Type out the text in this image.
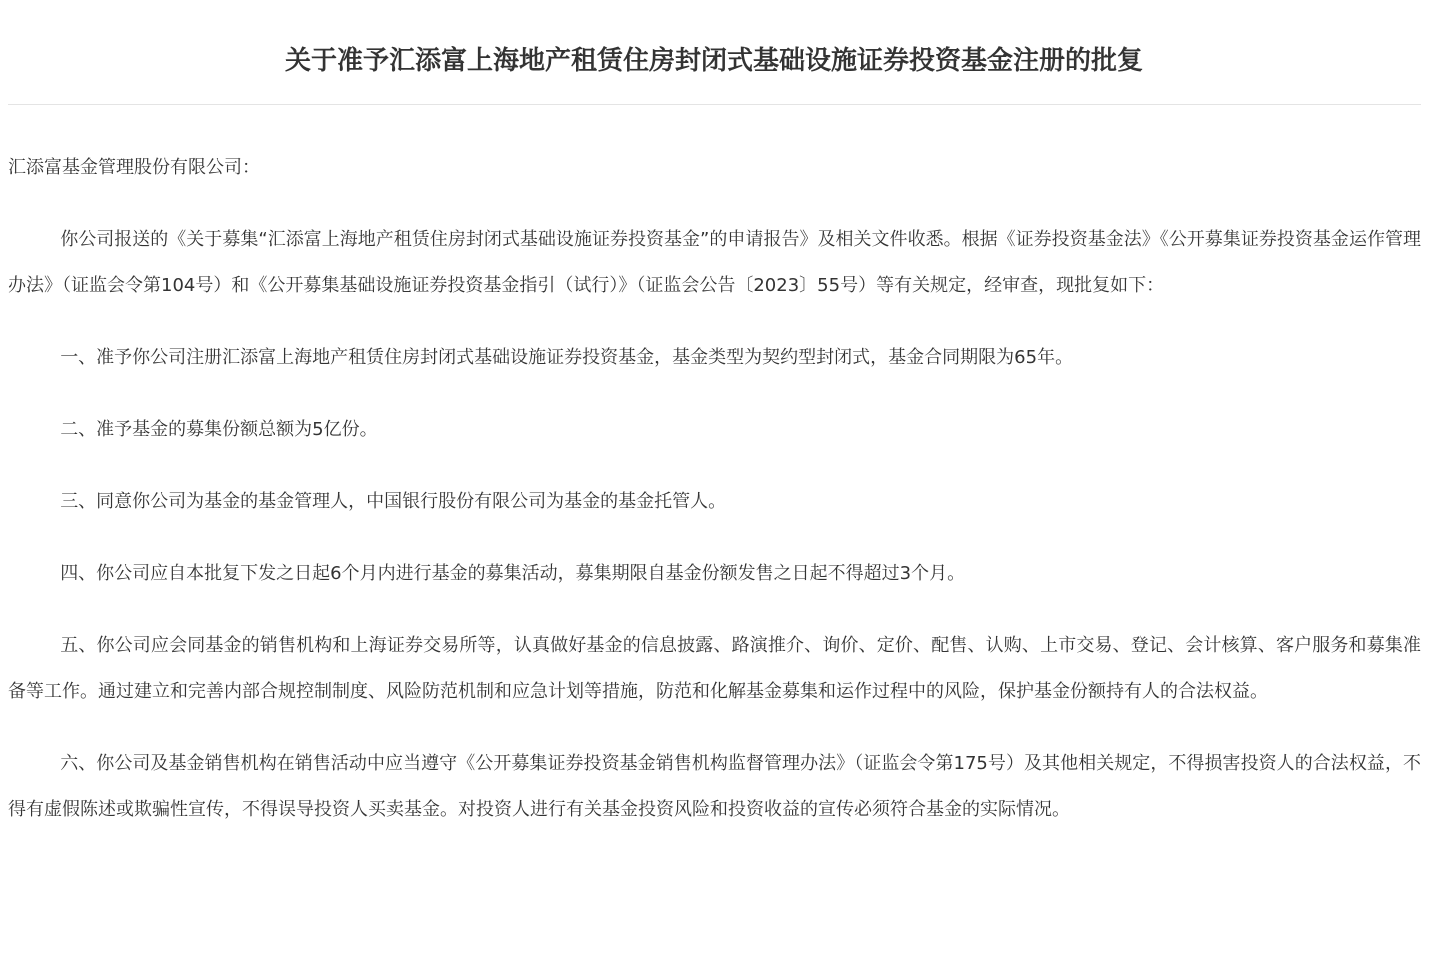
关于准予汇添富上海地产租赁住房封闭式基础设施证券投资基金注册的批复

汇添富基金管理股份有限公司：

你公司报送的《关于募集“汇添富上海地产租赁住房封闭式基础设施证券投资基金”的申请报告》及相关文件收悉。根据《证券投资基金法》《公开募集证券投资基金运作管理办法》（证监会令第104号）和《公开募集基础设施证券投资基金指引（试行）》（证监会公告〔2023〕55号）等有关规定，经审查，现批复如下：

一、准予你公司注册汇添富上海地产租赁住房封闭式基础设施证券投资基金，基金类型为契约型封闭式，基金合同期限为65年。

二、准予基金的募集份额总额为5亿份。

三、同意你公司为基金的基金管理人，中国银行股份有限公司为基金的基金托管人。

四、你公司应自本批复下发之日起6个月内进行基金的募集活动，募集期限自基金份额发售之日起不得超过3个月。

五、你公司应会同基金的销售机构和上海证券交易所等，认真做好基金的信息披露、路演推介、询价、定价、配售、认购、上市交易、登记、会计核算、客户服务和募集准备等工作。通过建立和完善内部合规控制制度、风险防范机制和应急计划等措施，防范和化解基金募集和运作过程中的风险，保护基金份额持有人的合法权益。

六、你公司及基金销售机构在销售活动中应当遵守《公开募集证券投资基金销售机构监督管理办法》（证监会令第175号）及其他相关规定，不得损害投资人的合法权益，不得有虚假陈述或欺骗性宣传，不得误导投资人买卖基金。对投资人进行有关基金投资风险和投资收益的宣传必须符合基金的实际情况。
